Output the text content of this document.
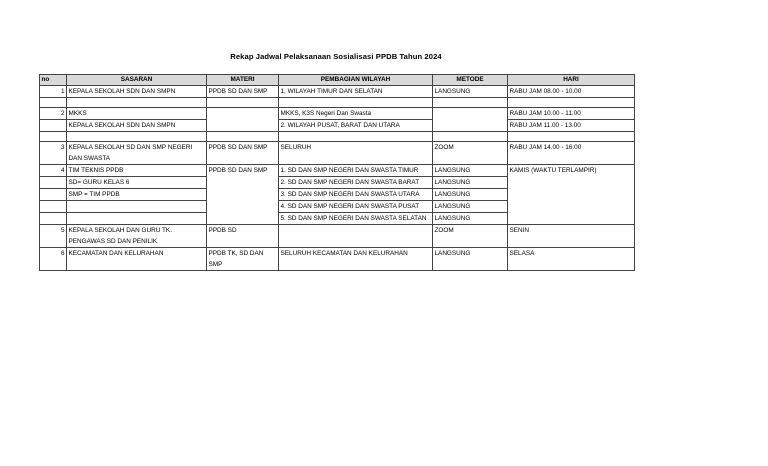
Rekap Jadwal Pelaksanaan Sosialisasi PPDB Tahun 2024
no	SASARAN	MATERI	PEMBAGIAN WILAYAH	METODE	HARI
1	KEPALA SEKOLAH SDN DAN SMPN	PPDB SD DAN SMP	1. WILAYAH TIMUR DAN SELATAN	LANGSUNG	RABU JAM 08.00 - 10.00

2	MKKS		MKKS, K3S Negeri Dan Swasta		RABU JAM 10.00 - 11.00
	KEPALA SEKOLAH SDN DAN SMPN		2. WILAYAH PUSAT, BARAT DAN UTARA		RABU JAM 11.00 - 13.00

3	KEPALA SEKOLAH SD DAN SMP NEGERI DAN SWASTA	PPDB SD DAN SMP	SELURUH	ZOOM	RABU JAM 14.00 - 16.00
4	TIM TEKNIS PPDB	PPDB SD DAN SMP	1. SD DAN SMP NEGERI DAN SWASTA TIMUR	LANGSUNG	KAMIS (WAKTU TERLAMPIR)
	SD= GURU KELAS 6		2. SD DAN SMP NEGERI DAN SWASTA BARAT	LANGSUNG	
	SMP = TIM PPDB		3. SD DAN SMP NEGERI DAN SWASTA UTARA	LANGSUNG	
			4. SD DAN SMP NEGERI DAN SWASTA PUSAT	LANGSUNG	
			5. SD DAN SMP NEGERI DAN SWASTA SELATAN	LANGSUNG	
5	KEPALA SEKOLAH DAN GURU TK. PENGAWAS SD DAN PENILIK	PPDB SD		ZOOM	SENIN
6	KECAMATAN DAN KELURAHAN	PPDB TK, SD DAN SMP	SELURUH KECAMATAN DAN KELURAHAN	LANGSUNG	SELASA
